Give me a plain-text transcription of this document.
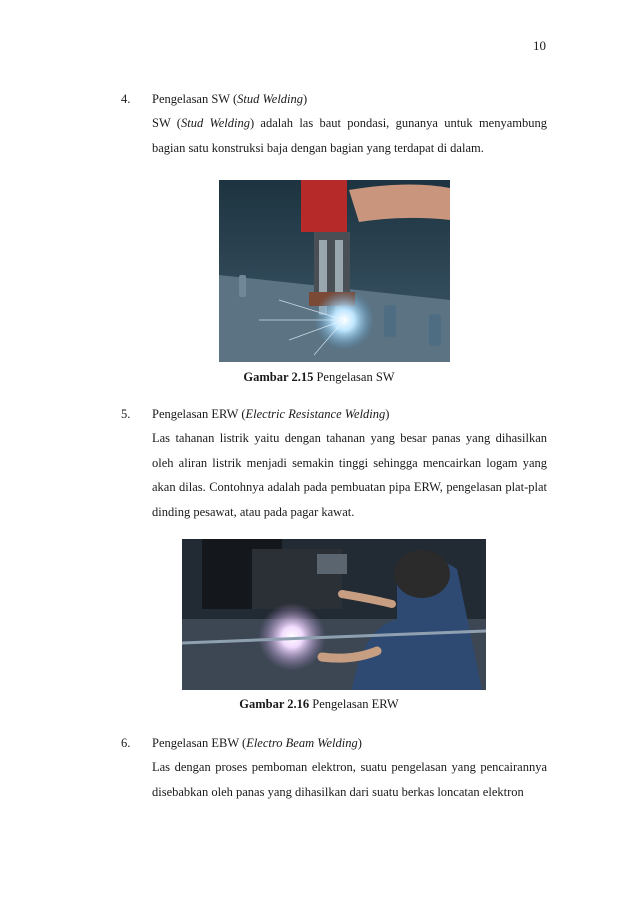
10
4. Pengelasan SW (Stud Welding)

SW (Stud Welding) adalah las baut pondasi, gunanya untuk menyambung bagian satu konstruksi baja dengan bagian yang terdapat di dalam.

Gambar 2.15 Pengelasan SW
5. Pengelasan ERW (Electric Resistance Welding)

Las tahanan listrik yaitu dengan tahanan yang besar panas yang dihasilkan oleh aliran listrik menjadi semakin tinggi sehingga mencairkan logam yang akan dilas. Contohnya adalah pada pembuatan pipa ERW, pengelasan plat-plat dinding pesawat, atau pada pagar kawat.

Gambar 2.16 Pengelasan ERW
6. Pengelasan EBW (Electro Beam Welding)

Las dengan proses pemboman elektron, suatu pengelasan yang pencairannya disebabkan oleh panas yang dihasilkan dari suatu berkas loncatan elektron
